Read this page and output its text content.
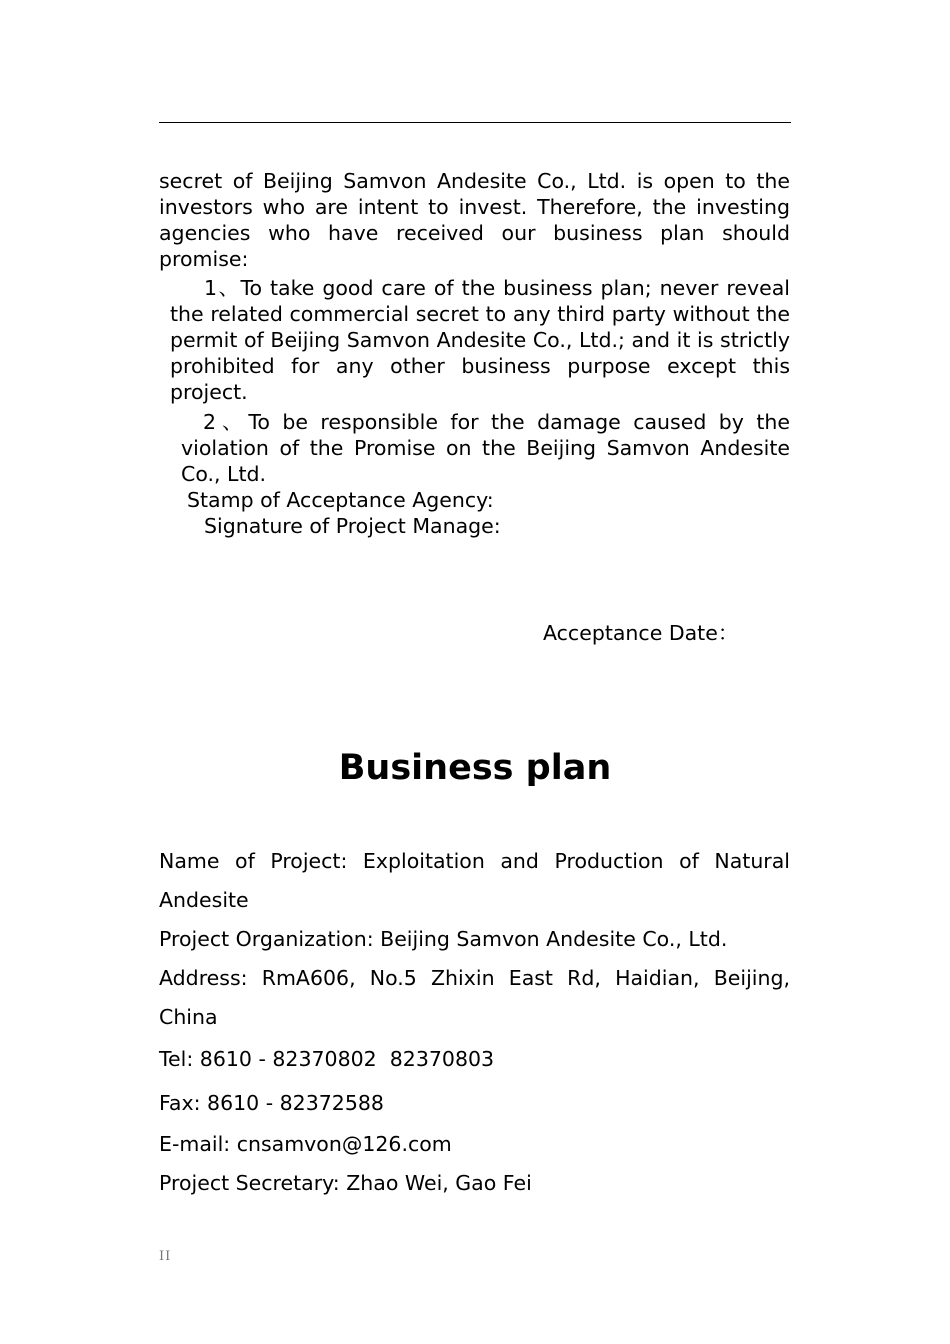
secret of Beijing Samvon Andesite Co., Ltd. is open to the investors who are intent to invest. Therefore, the investing agencies who have received our business plan should promise:

1、To take good care of the business plan; never reveal the related commercial secret to any third party without the permit of Beijing Samvon Andesite Co., Ltd.; and it is strictly prohibited for any other business purpose except this project.

2、To be responsible for the damage caused by the violation of the Promise on the Beijing Samvon Andesite Co., Ltd.

Stamp of Acceptance Agency:

Signature of Project Manage:

Acceptance Date：

Business plan

Name of Project: Exploitation and Production of Natural Andesite

Project Organization: Beijing Samvon Andesite Co., Ltd.

Address: RmA606, No.5 Zhixin East Rd, Haidian, Beijing, China

Tel: 8610 - 82370802  82370803

Fax: 8610 - 82372588

E-mail: cnsamvon@126.com

Project Secretary: Zhao Wei, Gao Fei

II
